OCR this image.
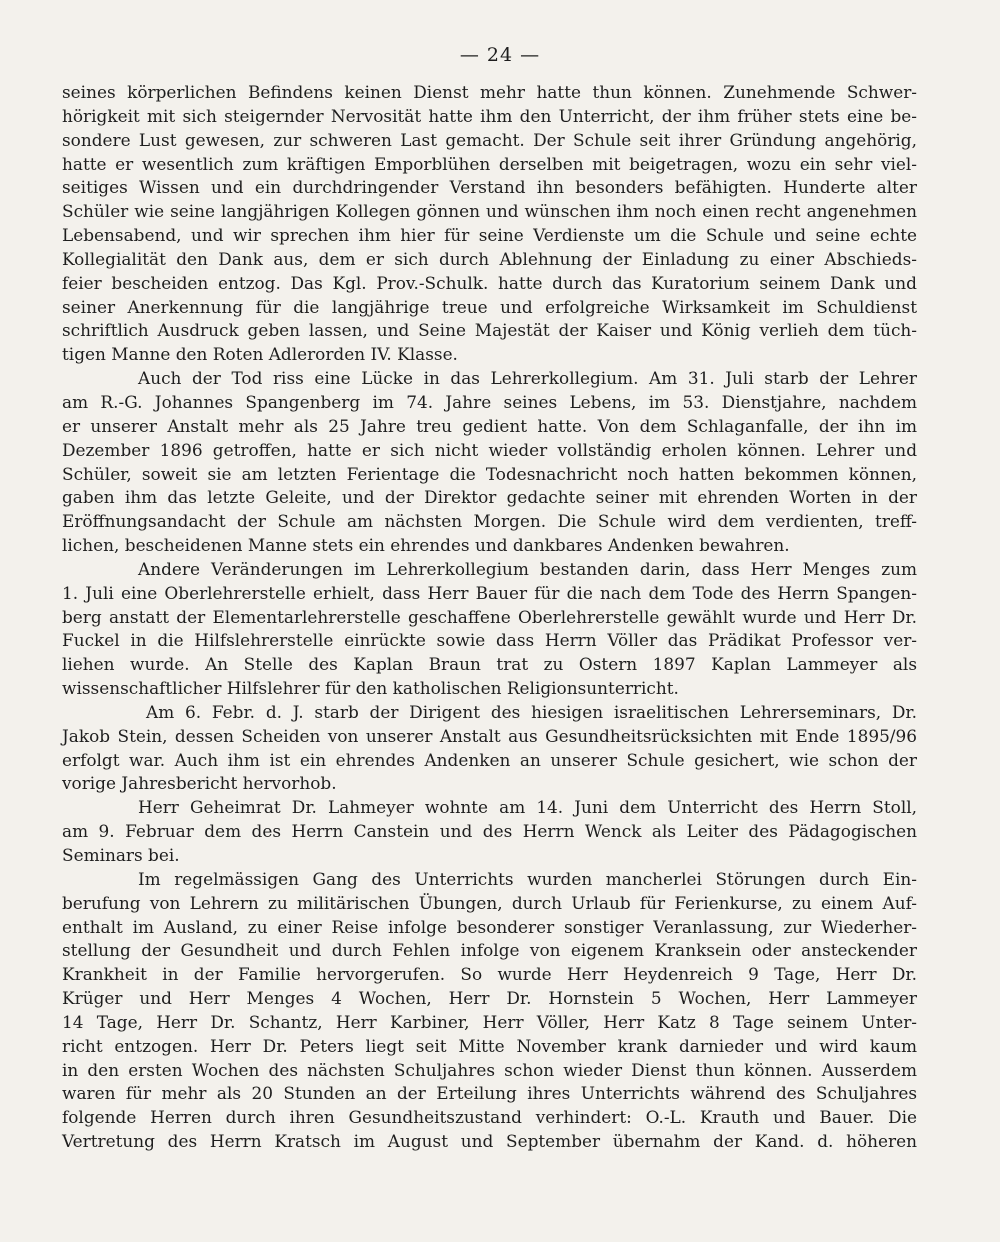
— 24 —
seines körperlichen Befindens keinen Dienst mehr hatte thun können. Zunehmende Schwer-
hörigkeit mit sich steigernder Nervosität hatte ihm den Unterricht, der ihm früher stets eine be-
sondere Lust gewesen, zur schweren Last gemacht. Der Schule seit ihrer Gründung angehörig,
hatte er wesentlich zum kräftigen Emporblühen derselben mit beigetragen, wozu ein sehr viel-
seitiges Wissen und ein durchdringender Verstand ihn besonders befähigten. Hunderte alter
Schüler wie seine langjährigen Kollegen gönnen und wünschen ihm noch einen recht angenehmen
Lebensabend, und wir sprechen ihm hier für seine Verdienste um die Schule und seine echte
Kollegialität den Dank aus, dem er sich durch Ablehnung der Einladung zu einer Abschieds-
feier bescheiden entzog. Das Kgl. Prov.-Schulk. hatte durch das Kuratorium seinem Dank und
seiner Anerkennung für die langjährige treue und erfolgreiche Wirksamkeit im Schuldienst
schriftlich Ausdruck geben lassen, und Seine Majestät der Kaiser und König verlieh dem tüch-
tigen Manne den Roten Adlerorden IV. Klasse.
Auch der Tod riss eine Lücke in das Lehrerkollegium. Am 31. Juli starb der Lehrer
am R.-G. Johannes Spangenberg im 74. Jahre seines Lebens, im 53. Dienstjahre, nachdem
er unserer Anstalt mehr als 25 Jahre treu gedient hatte. Von dem Schlaganfalle, der ihn im
Dezember 1896 getroffen, hatte er sich nicht wieder vollständig erholen können. Lehrer und
Schüler, soweit sie am letzten Ferientage die Todesnachricht noch hatten bekommen können,
gaben ihm das letzte Geleite, und der Direktor gedachte seiner mit ehrenden Worten in der
Eröffnungsandacht der Schule am nächsten Morgen. Die Schule wird dem verdienten, treff-
lichen, bescheidenen Manne stets ein ehrendes und dankbares Andenken bewahren.
Andere Veränderungen im Lehrerkollegium bestanden darin, dass Herr Menges zum
1. Juli eine Oberlehrerstelle erhielt, dass Herr Bauer für die nach dem Tode des Herrn Spangen-
berg anstatt der Elementarlehrerstelle geschaffene Oberlehrerstelle gewählt wurde und Herr Dr.
Fuckel in die Hilfslehrerstelle einrückte sowie dass Herrn Völler das Prädikat Professor ver-
liehen wurde. An Stelle des Kaplan Braun trat zu Ostern 1897 Kaplan Lammeyer als
wissenschaftlicher Hilfslehrer für den katholischen Religionsunterricht.
Am 6. Febr. d. J. starb der Dirigent des hiesigen israelitischen Lehrerseminars, Dr.
Jakob Stein, dessen Scheiden von unserer Anstalt aus Gesundheitsrücksichten mit Ende 1895/96
erfolgt war. Auch ihm ist ein ehrendes Andenken an unserer Schule gesichert, wie schon der
vorige Jahresbericht hervorhob.
Herr Geheimrat Dr. Lahmeyer wohnte am 14. Juni dem Unterricht des Herrn Stoll,
am 9. Februar dem des Herrn Canstein und des Herrn Wenck als Leiter des Pädagogischen
Seminars bei.
Im regelmässigen Gang des Unterrichts wurden mancherlei Störungen durch Ein-
berufung von Lehrern zu militärischen Übungen, durch Urlaub für Ferienkurse, zu einem Auf-
enthalt im Ausland, zu einer Reise infolge besonderer sonstiger Veranlassung, zur Wiederher-
stellung der Gesundheit und durch Fehlen infolge von eigenem Kranksein oder ansteckender
Krankheit in der Familie hervorgerufen. So wurde Herr Heydenreich 9 Tage, Herr Dr.
Krüger und Herr Menges 4 Wochen, Herr Dr. Hornstein 5 Wochen, Herr Lammeyer
14 Tage, Herr Dr. Schantz, Herr Karbiner, Herr Völler, Herr Katz 8 Tage seinem Unter-
richt entzogen. Herr Dr. Peters liegt seit Mitte November krank darnieder und wird kaum
in den ersten Wochen des nächsten Schuljahres schon wieder Dienst thun können. Ausserdem
waren für mehr als 20 Stunden an der Erteilung ihres Unterrichts während des Schuljahres
folgende Herren durch ihren Gesundheitszustand verhindert: O.-L. Krauth und Bauer. Die
Vertretung des Herrn Kratsch im August und September übernahm der Kand. d. höheren
